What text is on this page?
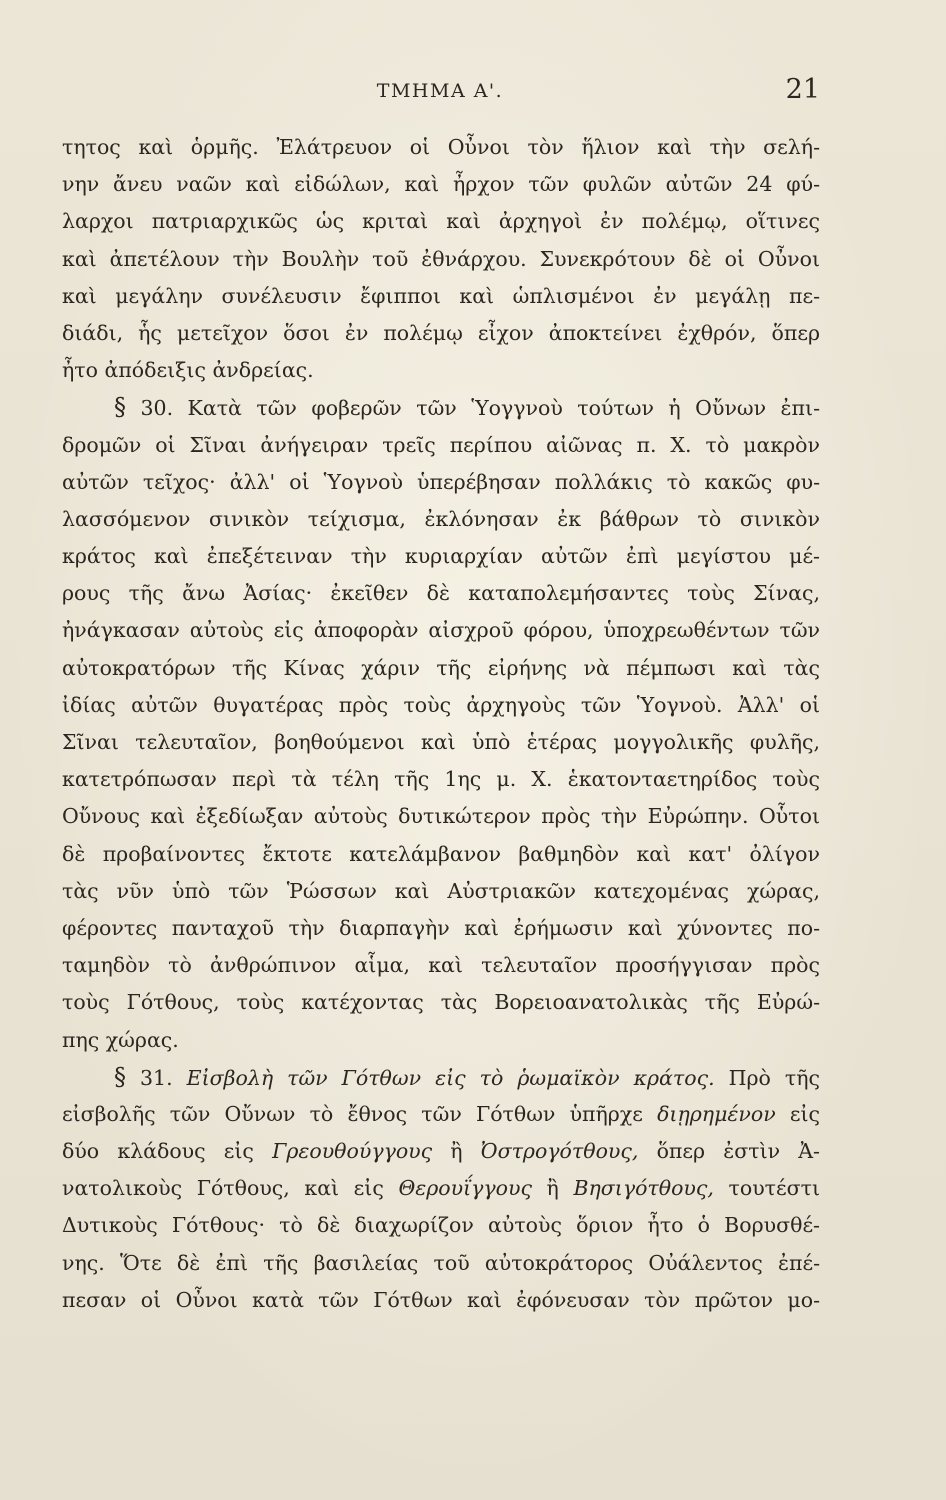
ΤΜΗΜΑ Α'.	21
τητος καὶ ὁρμῆς. Ἐλάτρευον οἱ Οὖνοι τὸν ἥλιον καὶ τὴν σελή-
νην ἄνευ ναῶν καὶ εἰδώλων, καὶ ἦρχον τῶν φυλῶν αὐτῶν 24 φύ-
λαρχοι πατριαρχικῶς ὡς κριταὶ καὶ ἀρχηγοὶ ἐν πολέμῳ, οἵτινες
καὶ ἀπετέλουν τὴν Βουλὴν τοῦ ἐθνάρχου. Συνεκρότουν δὲ οἱ Οὖνοι
καὶ μεγάλην συνέλευσιν ἔφιπποι καὶ ὡπλισμένοι ἐν μεγάλῃ πε-
διάδι, ἧς μετεῖχον ὅσοι ἐν πολέμῳ εἶχον ἀποκτείνει ἐχθρόν, ὅπερ
ἦτο ἀπόδειξις ἀνδρείας.
§ 30. Κατὰ τῶν φοβερῶν τῶν Ὑογγνοὺ τούτων ἡ Οὔνων ἐπι-
δρομῶν οἱ Σῖναι ἀνήγειραν τρεῖς περίπου αἰῶνας π. Χ. τὸ μακρὸν
αὐτῶν τεῖχος· ἀλλ' οἱ Ὑογνοὺ ὑπερέβησαν πολλάκις τὸ κακῶς φυ-
λασσόμενον σινικὸν τείχισμα, ἐκλόνησαν ἐκ βάθρων τὸ σινικὸν
κράτος καὶ ἐπεξέτειναν τὴν κυριαρχίαν αὐτῶν ἐπὶ μεγίστου μέ-
ρους τῆς ἄνω Ἀσίας· ἐκεῖθεν δὲ καταπολεμήσαντες τοὺς Σίνας,
ἠνάγκασαν αὐτοὺς εἰς ἀποφορὰν αἰσχροῦ φόρου, ὑποχρεωθέντων τῶν
αὐτοκρατόρων τῆς Κίνας χάριν τῆς εἰρήνης νὰ πέμπωσι καὶ τὰς
ἰδίας αὐτῶν θυγατέρας πρὸς τοὺς ἀρχηγοὺς τῶν Ὑογνοὺ. Ἀλλ' οἱ
Σῖναι τελευταῖον, βοηθούμενοι καὶ ὑπὸ ἑτέρας μογγολικῆς φυλῆς,
κατετρόπωσαν περὶ τὰ τέλη τῆς 1ης μ. Χ. ἑκατονταετηρίδος τοὺς
Οὔνους καὶ ἐξεδίωξαν αὐτοὺς δυτικώτερον πρὸς τὴν Εὐρώπην. Οὗτοι
δὲ προβαίνοντες ἔκτοτε κατελάμβανον βαθμηδὸν καὶ κατ' ὀλίγον
τὰς νῦν ὑπὸ τῶν Ῥώσσων καὶ Αὐστριακῶν κατεχομένας χώρας,
φέροντες πανταχοῦ τὴν διαρπαγὴν καὶ ἐρήμωσιν καὶ χύνοντες πο-
ταμηδὸν τὸ ἀνθρώπινον αἷμα, καὶ τελευταῖον προσήγγισαν πρὸς
τοὺς Γότθους, τοὺς κατέχοντας τὰς Βορειοανατολικὰς τῆς Εὐρώ-
πης χώρας.
§ 31. Εἰσβολὴ τῶν Γότθων εἰς τὸ ῥωμαϊκὸν κράτος. Πρὸ τῆς
εἰσβολῆς τῶν Οὔνων τὸ ἔθνος τῶν Γότθων ὑπῆρχε διῃρημένον εἰς
δύο κλάδους εἰς Γρεουθούγγους ἢ Ὀστρογότθους, ὅπερ ἐστὶν Ἀ-
νατολικοὺς Γότθους, καὶ εἰς Θερουΐγγους ἢ Βησιγότθους, τουτέστι
Δυτικοὺς Γότθους· τὸ δὲ διαχωρίζον αὐτοὺς ὅριον ἦτο ὁ Βορυσθέ-
νης. Ὅτε δὲ ἐπὶ τῆς βασιλείας τοῦ αὐτοκράτορος Οὐάλεντος ἐπέ-
πεσαν οἱ Οὖνοι κατὰ τῶν Γότθων καὶ ἐφόνευσαν τὸν πρῶτον μο-
